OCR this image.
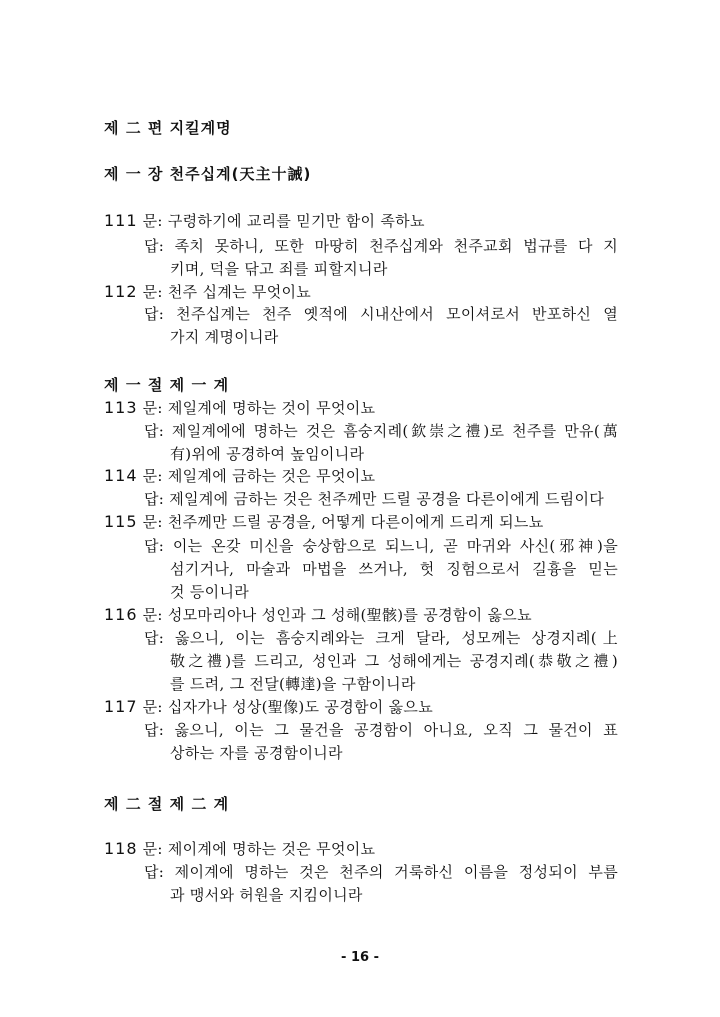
제 二 편 지킬계명
제 一 장 천주십계(天主十誡)
111 문: 구령하기에 교리를 믿기만 함이 족하뇨
답: 족치 못하니, 또한 마땅히 천주십계와 천주교회 법규를 다 지
키며, 덕을 닦고 죄를 피할지니라
112 문: 천주 십계는 무엇이뇨
답: 천주십계는 천주 옛적에 시내산에서 모이셔로서 반포하신 열
가지 계명이니라
제 一 절 제 一 계
113 문: 제일계에 명하는 것이 무엇이뇨
답: 제일계에에 명하는 것은 흠숭지례(欽崇之禮)로 천주를 만유(萬
有)위에 공경하여 높임이니라
114 문: 제일계에 금하는 것은 무엇이뇨
답: 제일계에 금하는 것은 천주께만 드릴 공경을 다른이에게 드림이다
115 문: 천주께만 드릴 공경을, 어떻게 다른이에게 드리게 되느뇨
답: 이는 온갖 미신을 숭상함으로 되느니, 곧 마귀와 사신(邪神)을
섬기거나, 마술과 마법을 쓰거나, 헛 징험으로서 길흉을 믿는
것 등이니라
116 문: 성모마리아나 성인과 그 성해(聖骸)를 공경함이 옳으뇨
답: 옳으니, 이는 흠숭지례와는 크게 달라, 성모께는 상경지례(上
敬之禮)를 드리고, 성인과 그 성해에게는 공경지례(恭敬之禮)
를 드려, 그 전달(轉達)을 구함이니라
117 문: 십자가나 성상(聖像)도 공경함이 옳으뇨
답: 옳으니, 이는 그 물건을 공경함이 아니요, 오직 그 물건이 표
상하는 자를 공경함이니라
제 二 절 제 二 계
118 문: 제이계에 명하는 것은 무엇이뇨
답: 제이계에 명하는 것은 천주의 거룩하신 이름을 정성되이 부름
과 맹서와 허원을 지킴이니라
- 16 -
